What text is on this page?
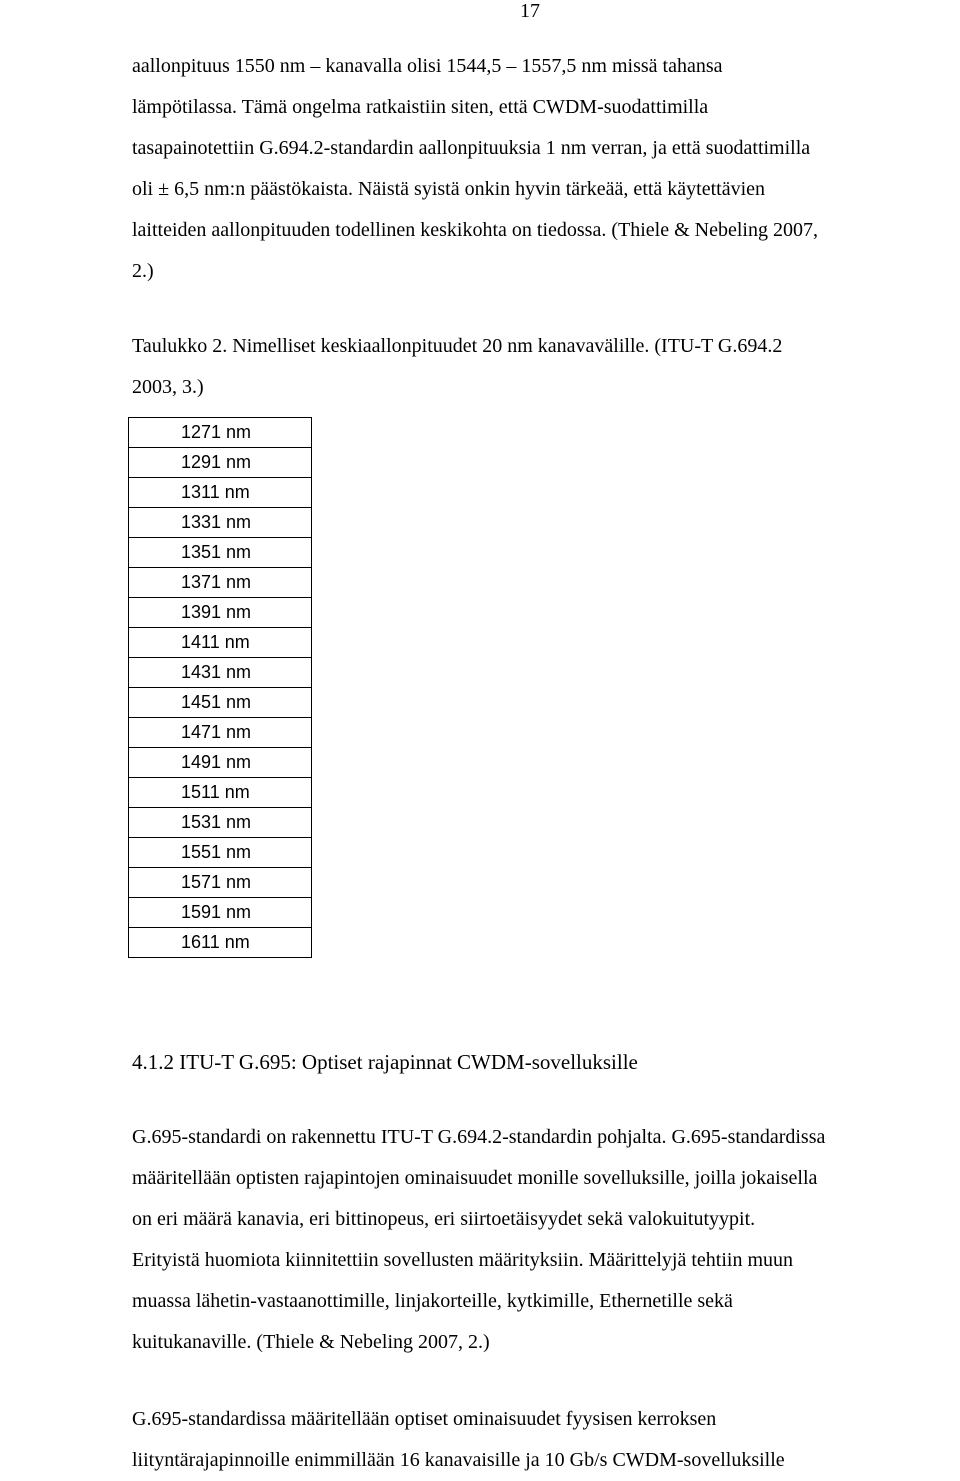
17

aallonpituus 1550 nm – kanavalla olisi 1544,5 – 1557,5 nm missä tahansa
lämpötilassa. Tämä ongelma ratkaistiin siten, että CWDM-suodattimilla
tasapainotettiin G.694.2-standardin aallonpituuksia 1 nm verran, ja että suodattimilla
oli ± 6,5 nm:n päästökaista. Näistä syistä onkin hyvin tärkeää, että käytettävien
laitteiden aallonpituuden todellinen keskikohta on tiedossa. (Thiele & Nebeling 2007,
2.)

Taulukko 2. Nimelliset keskiaallonpituudet 20 nm kanavavälille. (ITU-T G.694.2
2003, 3.)

1271 nm
1291 nm
1311 nm
1331 nm
1351 nm
1371 nm
1391 nm
1411 nm
1431 nm
1451 nm
1471 nm
1491 nm
1511 nm
1531 nm
1551 nm
1571 nm
1591 nm
1611 nm
4.1.2 ITU-T G.695: Optiset rajapinnat CWDM-sovelluksille

G.695-standardi on rakennettu ITU-T G.694.2-standardin pohjalta. G.695-standardissa
määritellään optisten rajapintojen ominaisuudet monille sovelluksille, joilla jokaisella
on eri määrä kanavia, eri bittinopeus, eri siirtoetäisyydet sekä valokuitutyypit.
Erityistä huomiota kiinnitettiin sovellusten määrityksiin. Määrittelyjä tehtiin muun
muassa lähetin-vastaanottimille, linjakorteille, kytkimille, Ethernetille sekä
kuitukanaville. (Thiele & Nebeling 2007, 2.)

G.695-standardissa määritellään optiset ominaisuudet fyysisen kerroksen
liityntärajapinnoille enimmillään 16 kanavaisille ja 10 Gb/s CWDM-sovelluksille
